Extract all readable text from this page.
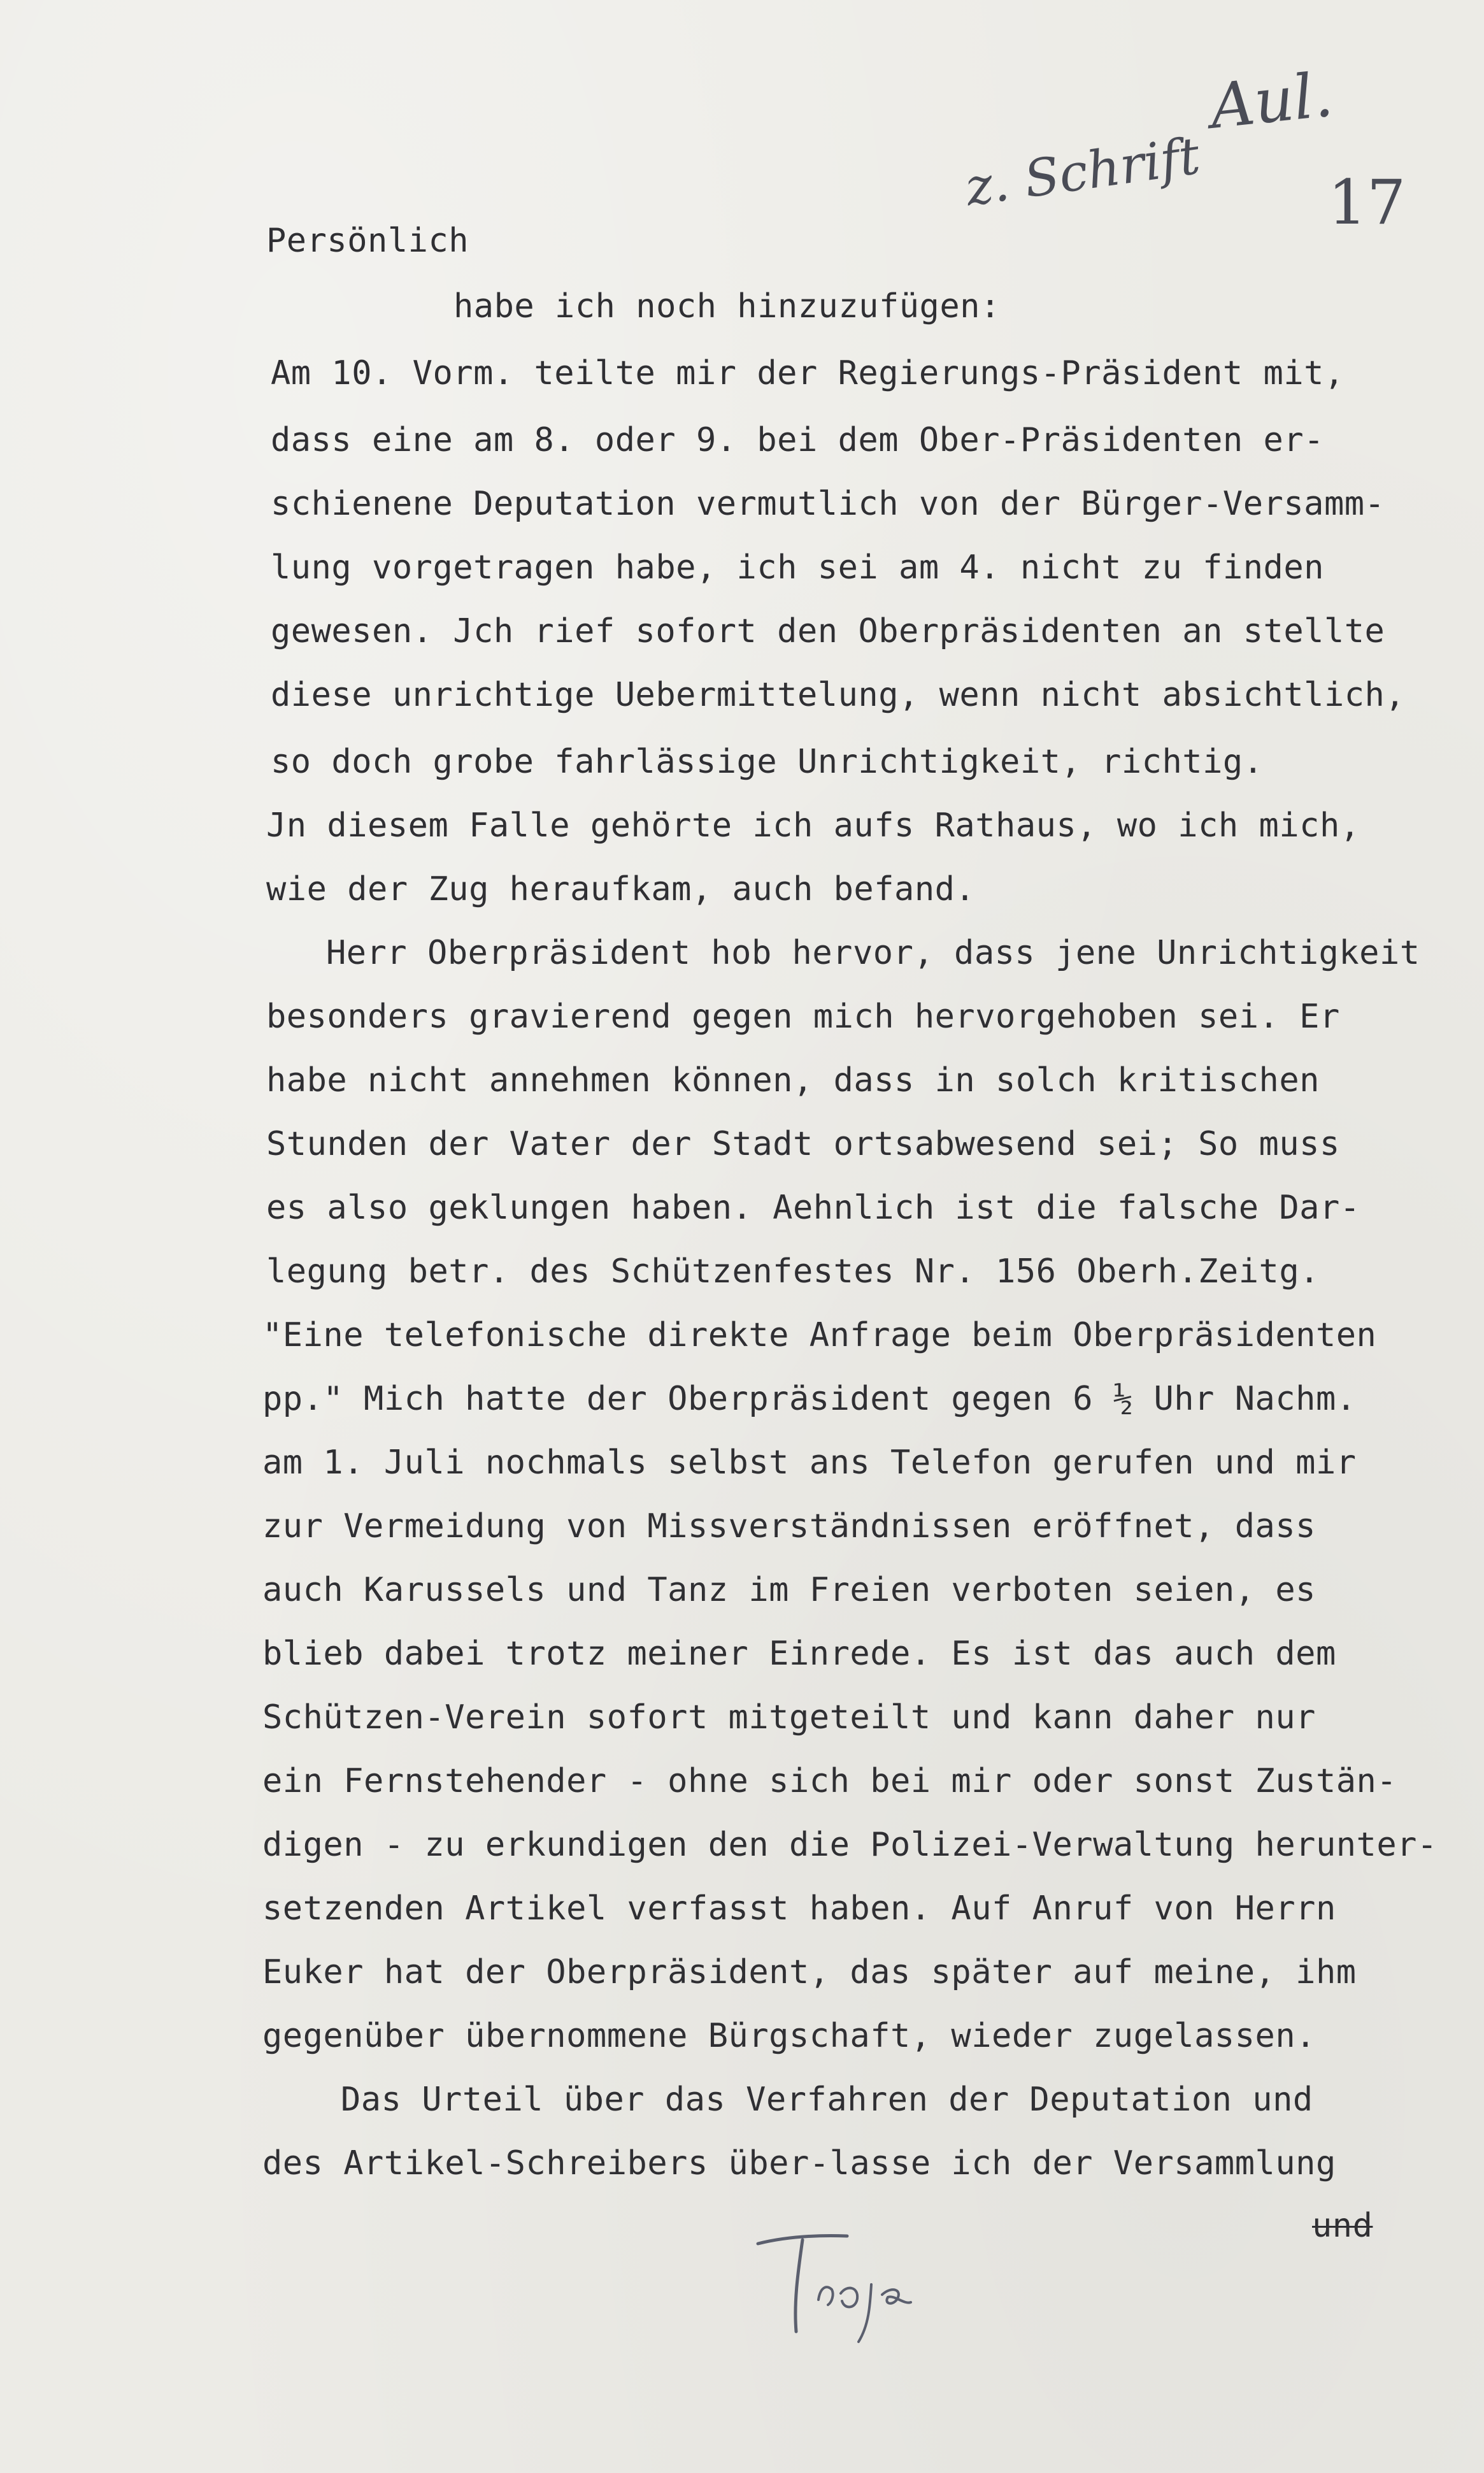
Aul.
z. Schrift 17
Persönlich
habe ich noch hinzuzufügen:
Am 10. Vorm. teilte mir der Regierungs-Präsident mit,
dass eine am 8. oder 9. bei dem Ober-Präsidenten er-
schienene Deputation vermutlich von der Bürger-Versamm-
lung vorgetragen habe, ich sei am 4. nicht zu finden
gewesen. Jch rief sofort den Oberpräsidenten an stellte
diese unrichtige Uebermittelung, wenn nicht absichtlich,
so doch grobe fahrlässige Unrichtigkeit, richtig.
Jn diesem Falle gehörte ich aufs Rathaus, wo ich mich,
wie der Zug heraufkam, auch befand.
Herr Oberpräsident hob hervor, dass jene Unrichtigkeit
besonders gravierend gegen mich hervorgehoben sei. Er
habe nicht annehmen können, dass in solch kritischen
Stunden der Vater der Stadt ortsabwesend sei; So muss
es also geklungen haben. Aehnlich ist die falsche Dar-
legung betr. des Schützenfestes Nr. 156 Oberh.Zeitg.
"Eine telefonische direkte Anfrage beim Oberpräsidenten
pp." Mich hatte der Oberpräsident gegen 6 ½ Uhr Nachm.
am 1. Juli nochmals selbst ans Telefon gerufen und mir
zur Vermeidung von Missverständnissen eröffnet, dass
auch Karussels und Tanz im Freien verboten seien, es
blieb dabei trotz meiner Einrede. Es ist das auch dem
Schützen-Verein sofort mitgeteilt und kann daher nur
ein Fernstehender - ohne sich bei mir oder sonst Zustän-
digen - zu erkundigen den die Polizei-Verwaltung herunter-
setzenden Artikel verfasst haben. Auf Anruf von Herrn
Euker hat der Oberpräsident, das später auf meine, ihm
gegenüber übernommene Bürgschaft, wieder zugelassen.
Das Urteil über das Verfahren der Deputation und
des Artikel-Schreibers über-lasse ich der Versammlung
und
